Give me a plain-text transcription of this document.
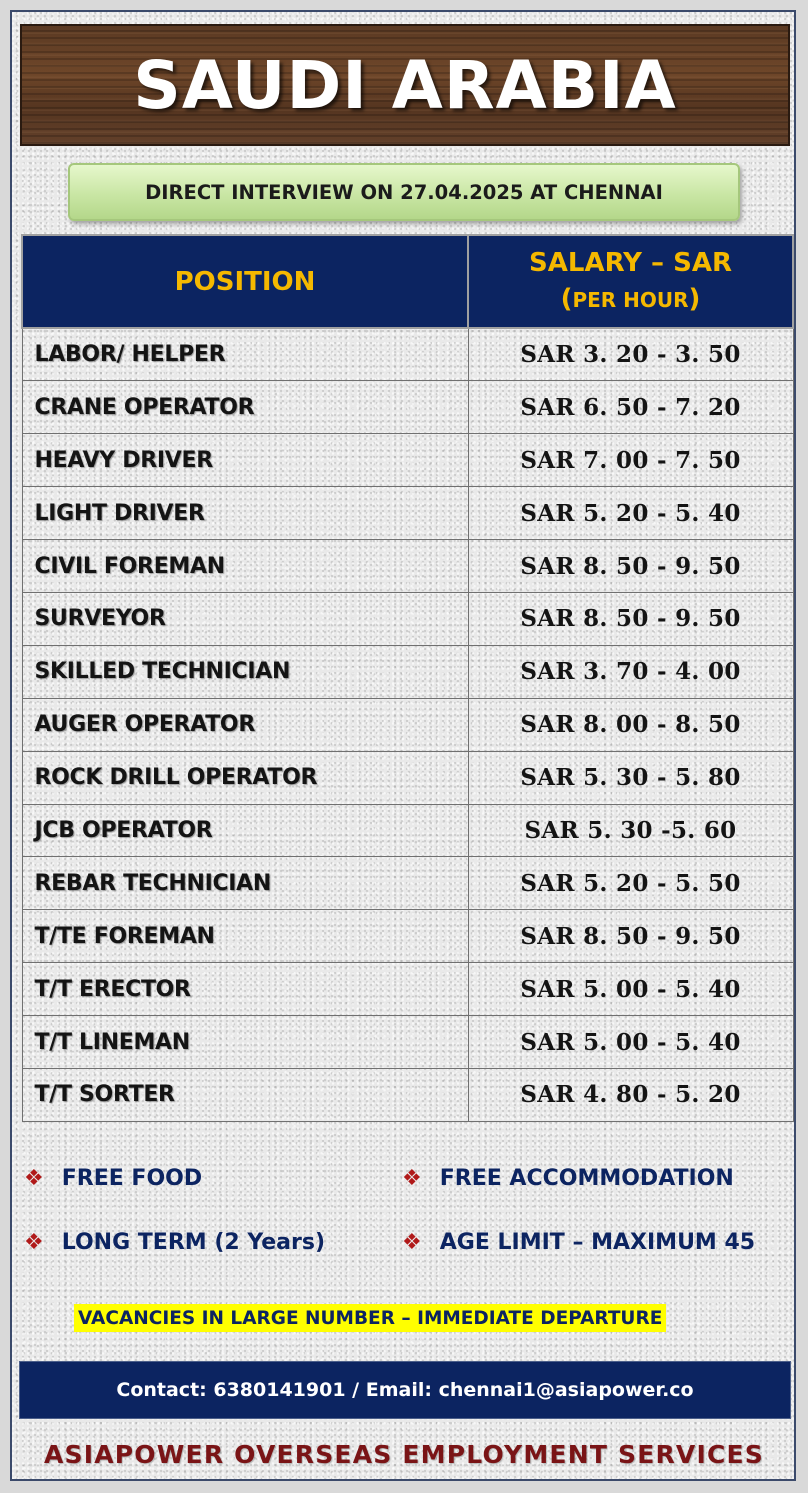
SAUDI ARABIA
DIRECT INTERVIEW ON 27.04.2025 AT CHENNAI
POSITION	SALARY – SAR
(PER HOUR)

LABOR/ HELPER	SAR 3. 20 - 3. 50
CRANE OPERATOR	SAR 6. 50 - 7. 20
HEAVY DRIVER	SAR 7. 00 - 7. 50
LIGHT DRIVER	SAR 5. 20 - 5. 40
CIVIL FOREMAN	SAR 8. 50 - 9. 50
SURVEYOR	SAR 8. 50 - 9. 50
SKILLED TECHNICIAN	SAR 3. 70 - 4. 00
AUGER OPERATOR	SAR 8. 00 - 8. 50
ROCK DRILL OPERATOR	SAR 5. 30 - 5. 80
JCB OPERATOR	SAR 5. 30 -5. 60
REBAR TECHNICIAN	SAR 5. 20 - 5. 50
T/TE FOREMAN	SAR 8. 50 - 9. 50
T/T ERECTOR	SAR 5. 00 - 5. 40
T/T LINEMAN	SAR 5. 00 - 5. 40
T/T SORTER	SAR 4. 80 - 5. 20
❖ FREE FOOD	❖ FREE ACCOMMODATION
❖ LONG TERM (2 Years)	❖ AGE LIMIT – MAXIMUM 45
VACANCIES IN LARGE NUMBER – IMMEDIATE DEPARTURE
Contact: 6380141901 / Email: chennai1@asiapower.co
ASIAPOWER OVERSEAS EMPLOYMENT SERVICES
